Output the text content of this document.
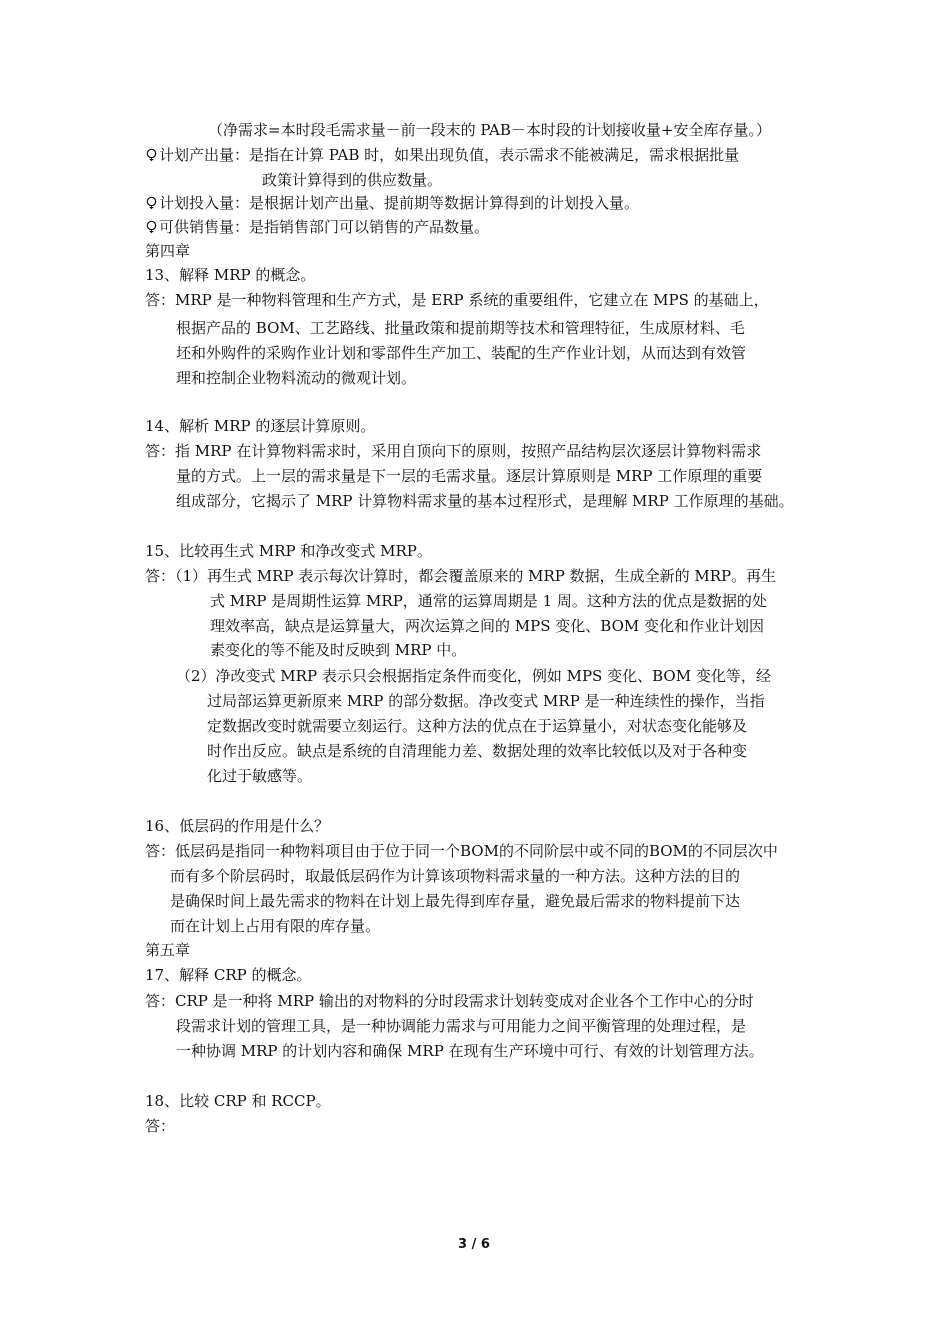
（净需求=本时段毛需求量－前一段末的 PAB－本时段的计划接收量+安全库存量。）
计划产出量：是指在计算 PAB 时，如果出现负值，表示需求不能被满足，需求根据批量
政策计算得到的供应数量。
计划投入量：是根据计划产出量、提前期等数据计算得到的计划投入量。
可供销售量：是指销售部门可以销售的产品数量。
第四章
13、解释 MRP 的概念。
答：MRP 是一种物料管理和生产方式，是 ERP 系统的重要组件，它建立在 MPS 的基础上，
根据产品的 BOM、工艺路线、批量政策和提前期等技术和管理特征，生成原材料、毛
坯和外购件的采购作业计划和零部件生产加工、装配的生产作业计划，从而达到有效管
理和控制企业物料流动的微观计划。
14、解析 MRP 的逐层计算原则。
答：指 MRP 在计算物料需求时，采用自顶向下的原则，按照产品结构层次逐层计算物料需求
量的方式。上一层的需求量是下一层的毛需求量。逐层计算原则是 MRP 工作原理的重要
组成部分，它揭示了 MRP 计算物料需求量的基本过程形式，是理解 MRP 工作原理的基础。
15、比较再生式 MRP 和净改变式 MRP。
答：（1）再生式 MRP 表示每次计算时，都会覆盖原来的 MRP 数据，生成全新的 MRP。再生
式 MRP 是周期性运算 MRP，通常的运算周期是 1 周。这种方法的优点是数据的处
理效率高，缺点是运算量大，两次运算之间的 MPS 变化、BOM 变化和作业计划因
素变化的等不能及时反映到 MRP 中。
（2）净改变式 MRP 表示只会根据指定条件而变化，例如 MPS 变化、BOM 变化等，经
过局部运算更新原来 MRP 的部分数据。净改变式 MRP 是一种连续性的操作，当指
定数据改变时就需要立刻运行。这种方法的优点在于运算量小，对状态变化能够及
时作出反应。缺点是系统的自清理能力差、数据处理的效率比较低以及对于各种变
化过于敏感等。
16、低层码的作用是什么？
答：低层码是指同一种物料项目由于位于同一个BOM的不同阶层中或不同的BOM的不同层次中
而有多个阶层码时，取最低层码作为计算该项物料需求量的一种方法。这种方法的目的
是确保时间上最先需求的物料在计划上最先得到库存量，避免最后需求的物料提前下达
而在计划上占用有限的库存量。
第五章
17、解释 CRP 的概念。
答：CRP 是一种将 MRP 输出的对物料的分时段需求计划转变成对企业各个工作中心的分时
段需求计划的管理工具，是一种协调能力需求与可用能力之间平衡管理的处理过程，是
一种协调 MRP 的计划内容和确保 MRP 在现有生产环境中可行、有效的计划管理方法。
18、比较 CRP 和 RCCP。
答：
3 / 6
